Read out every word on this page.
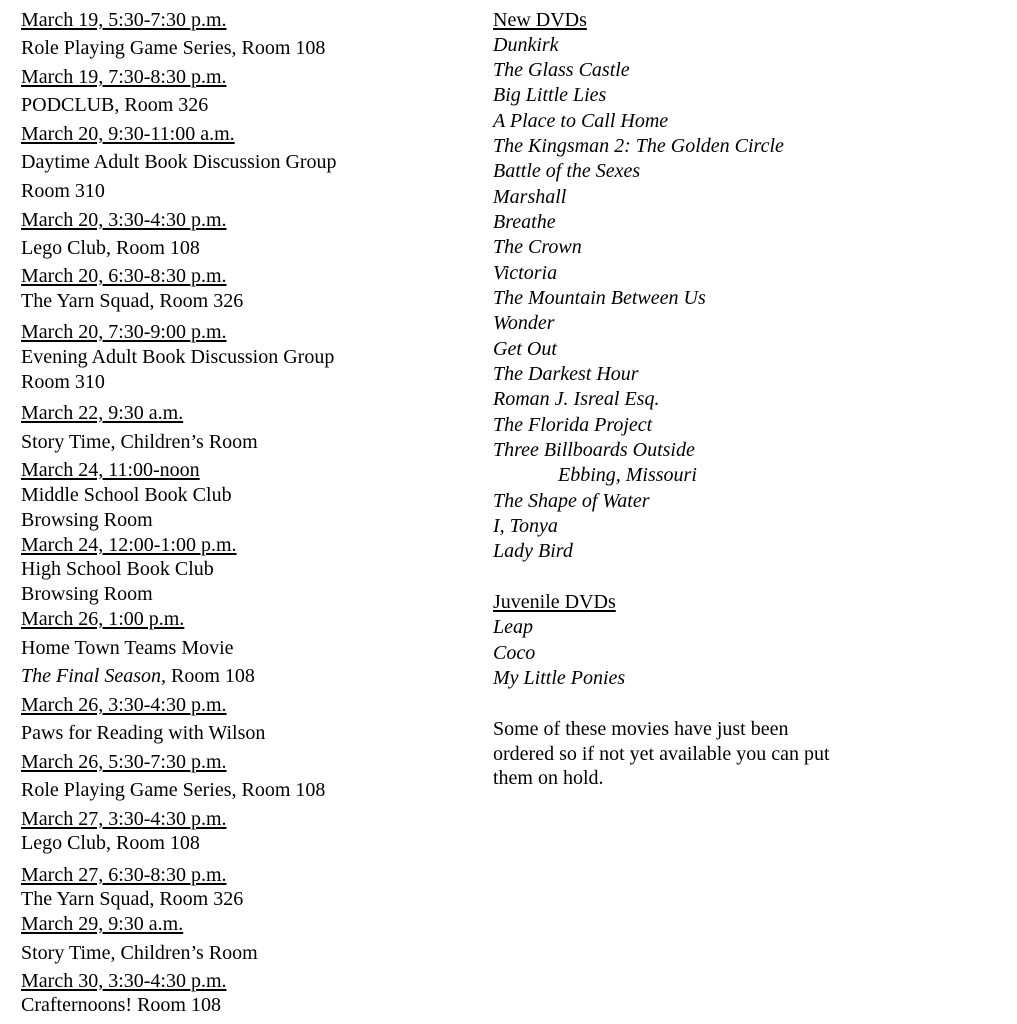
March 19, 5:30-7:30 p.m.
Role Playing Game Series, Room 108
March 19, 7:30-8:30 p.m.
PODCLUB, Room 326
March 20, 9:30-11:00 a.m.
Daytime Adult Book Discussion Group
Room 310
March 20, 3:30-4:30 p.m.
Lego Club, Room 108
March 20, 6:30-8:30 p.m.
The Yarn Squad, Room 326
March 20, 7:30-9:00 p.m.
Evening Adult Book Discussion Group
Room 310
March 22, 9:30 a.m.
Story Time, Children’s Room
March 24, 11:00-noon
Middle School Book Club
Browsing Room
March 24, 12:00-1:00 p.m.
High School Book Club
Browsing Room
March 26, 1:00 p.m.
Home Town Teams Movie
The Final Season, Room 108
March 26, 3:30-4:30 p.m.
Paws for Reading with Wilson
March 26, 5:30-7:30 p.m.
Role Playing Game Series, Room 108
March 27, 3:30-4:30 p.m.
Lego Club, Room 108
March 27, 6:30-8:30 p.m.
The Yarn Squad, Room 326
March 29, 9:30 a.m.
Story Time, Children’s Room
March 30, 3:30-4:30 p.m.
Crafternoons! Room 108
New DVDs
Dunkirk
The Glass Castle
Big Little Lies
A Place to Call Home
The Kingsman 2: The Golden Circle
Battle of the Sexes
Marshall
Breathe
The Crown
Victoria
The Mountain Between Us
Wonder
Get Out
The Darkest Hour
Roman J. Isreal Esq.
The Florida Project
Three Billboards Outside
Ebbing, Missouri
The Shape of Water
I, Tonya
Lady Bird
Juvenile DVDs
Leap
Coco
My Little Ponies
Some of these movies have just been ordered so if not yet available you can put them on hold.
